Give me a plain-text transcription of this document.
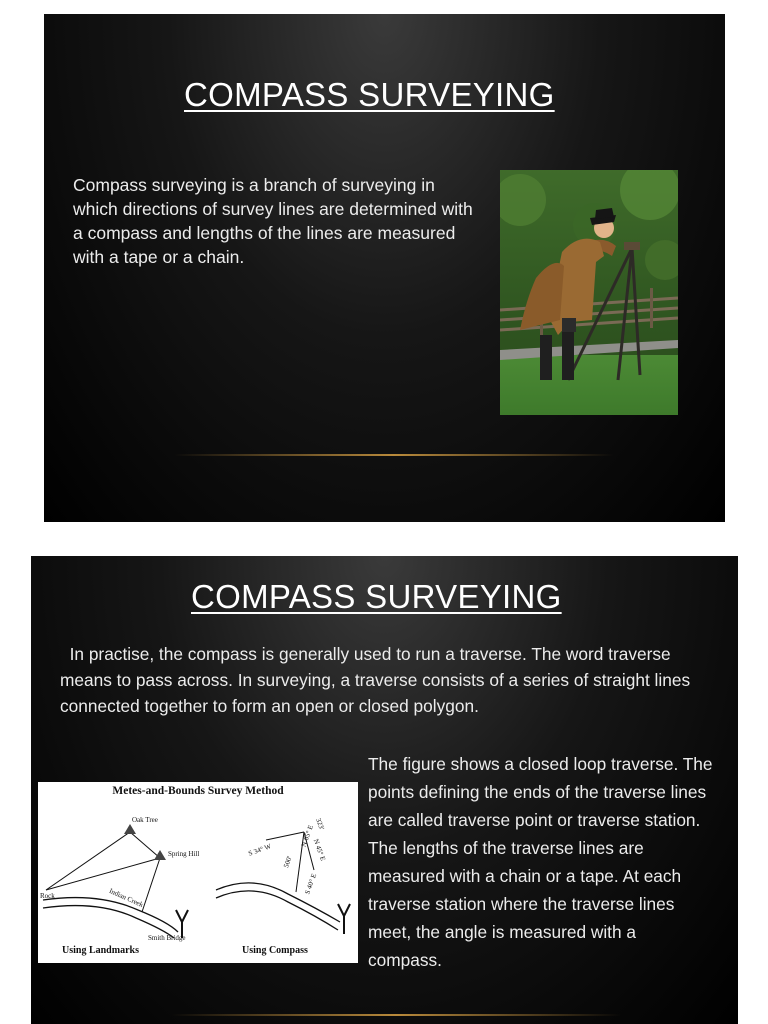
COMPASS SURVEYING
Compass surveying is a branch of surveying in which directions of survey lines are determined with a compass and lengths of the lines are measured with a tape or a chain.
COMPASS SURVEYING
In practise, the compass is generally used to run a traverse. The word traverse means to pass across. In surveying, a traverse consists of a series of straight lines connected together to form an open or closed polygon.
The figure shows a closed loop traverse. The points defining the ends of the traverse lines are called traverse point or traverse station. The lengths of the traverse lines are measured with a chain or a tape. At each traverse station where the traverse lines meet, the angle is measured with a compass.
Metes-and-Bounds Survey Method
Oak Tree
Spring Hill
Rock	Indian Creek
Smith Bridge
S 34° W
N 65° E
S 40° E
N 45° E
323'
500'
Using Landmarks	Using Compass
